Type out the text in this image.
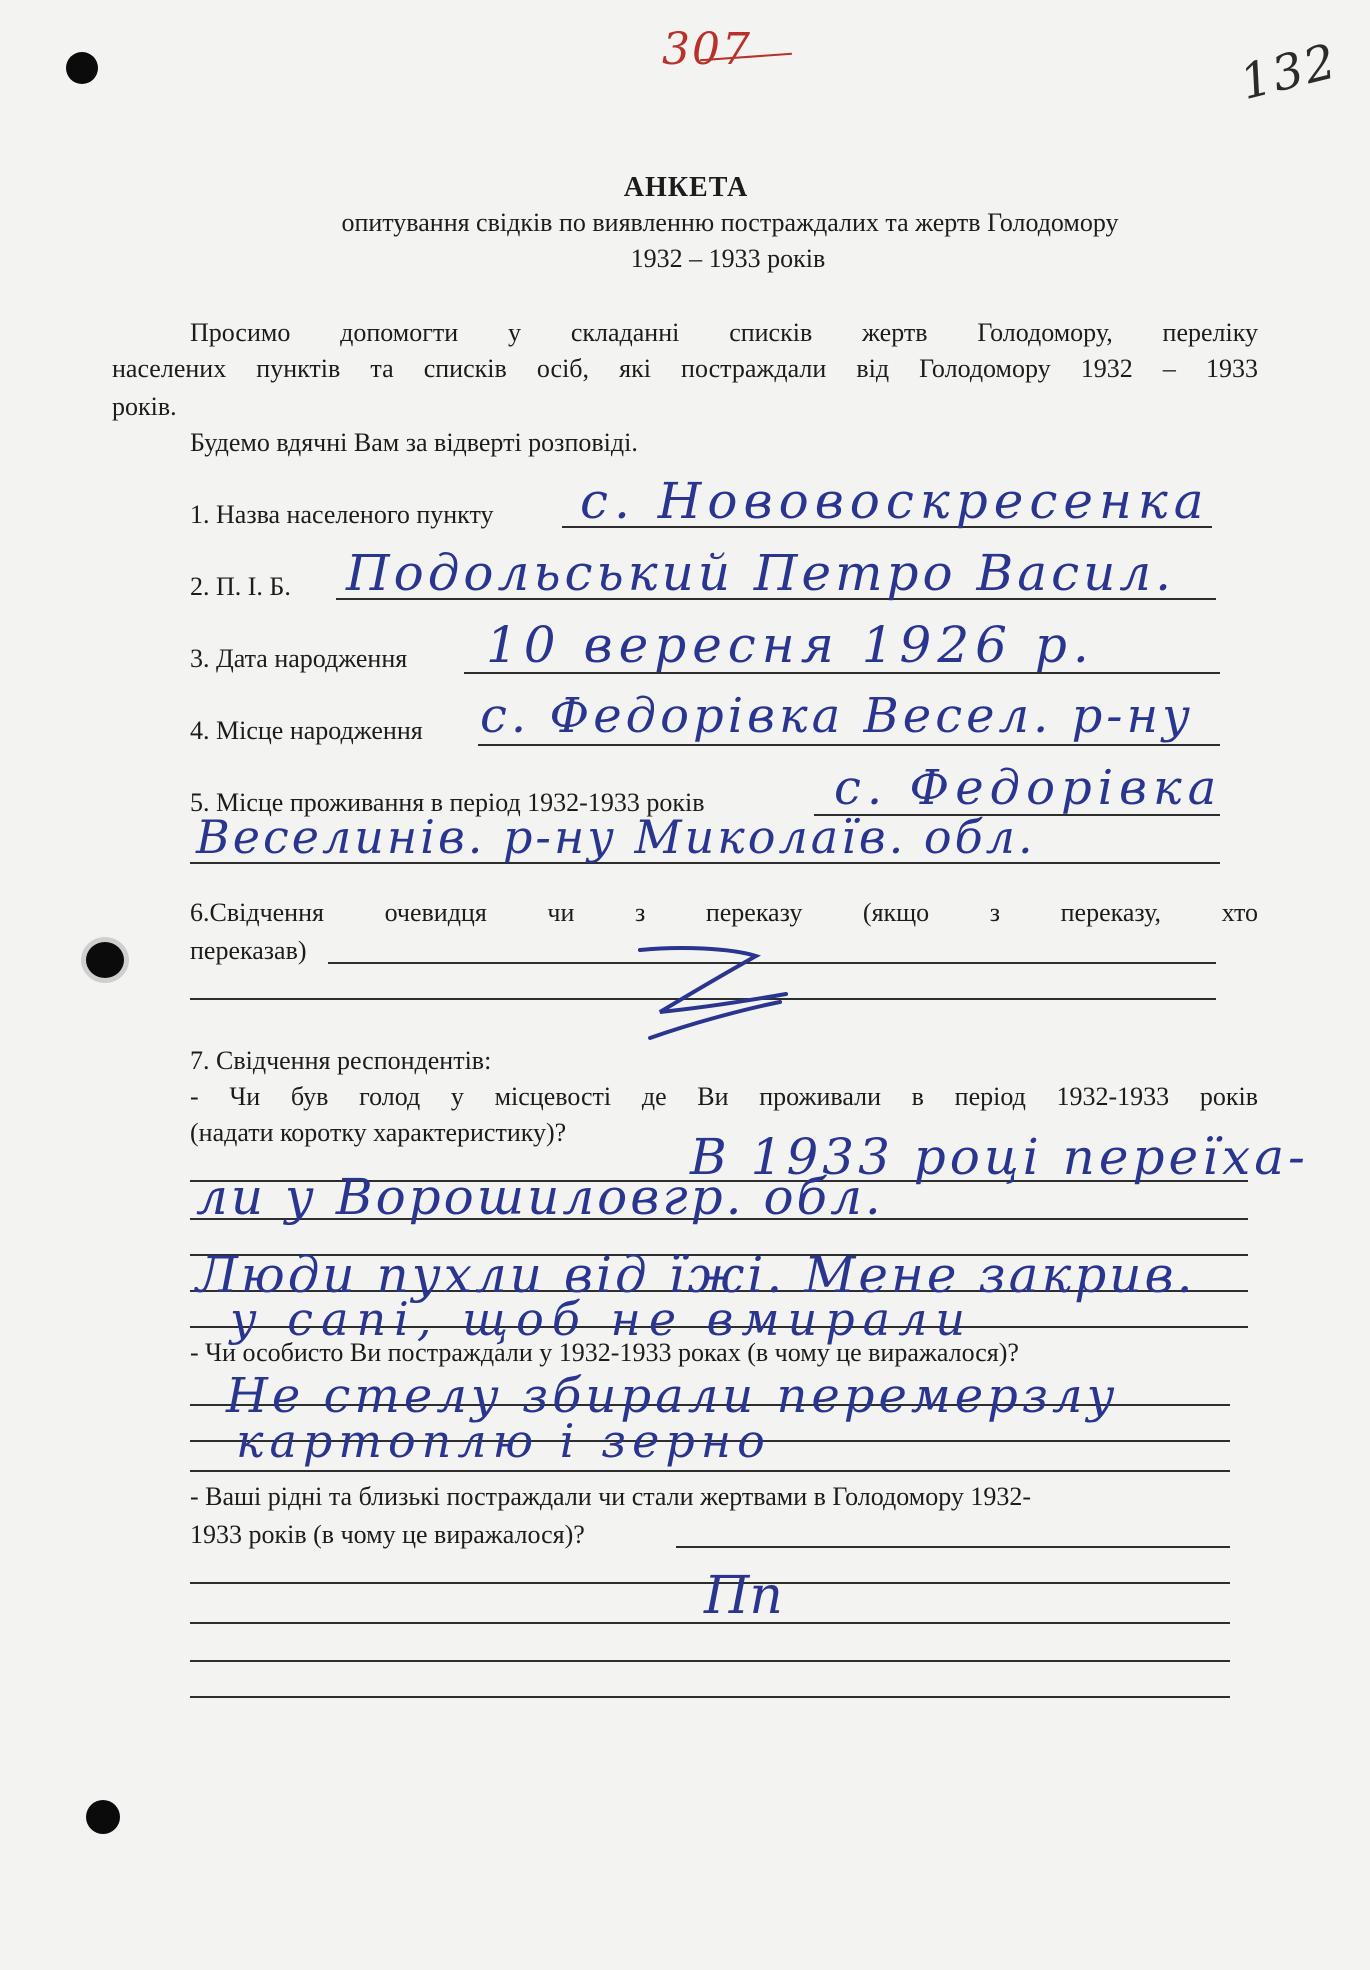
307	132
АНКЕТА
опитування свідків по виявленню постраждалих та жертв Голодомору
1932 – 1933 років
Просимо допомогти у складанні списків жертв Голодомору, переліку
населених пунктів та списків осіб, які постраждали від Голодомору 1932 – 1933
років.
Будемо вдячні Вам за відверті розповіді.
1. Назва населеного пункту с. Нововоскресенка
2. П. І. Б. Подольський Петро Васил.
3. Дата народження 10 вересня 1926 р.
4. Місце народження с. Федорівка Весел. р-ну
5. Місце проживання в період 1932-1933 років	с. Федорівка
Веселинів. р-ну Миколаїв. обл.
6.Свідчення очевидця чи з переказу (якщо з переказу, хто
переказав)
7. Свідчення респондентів:
- Чи був голод у місцевості де Ви проживали в період 1932-1933 років
(надати коротку характеристику)? В 1933 році переїха-
ли у Ворошиловгр. обл.
Люди пухли від їжі. Мене закрив.
у сапі, щоб не вмирали
- Чи особисто Ви постраждали у 1932-1933 роках (в чому це виражалося)?
Не стелу збирали перемерзлу
картоплю і зерно
- Ваші рідні та близькі постраждали чи стали жертвами в Голодомору 1932-
1933 років (в чому це виражалося)?
Пп
